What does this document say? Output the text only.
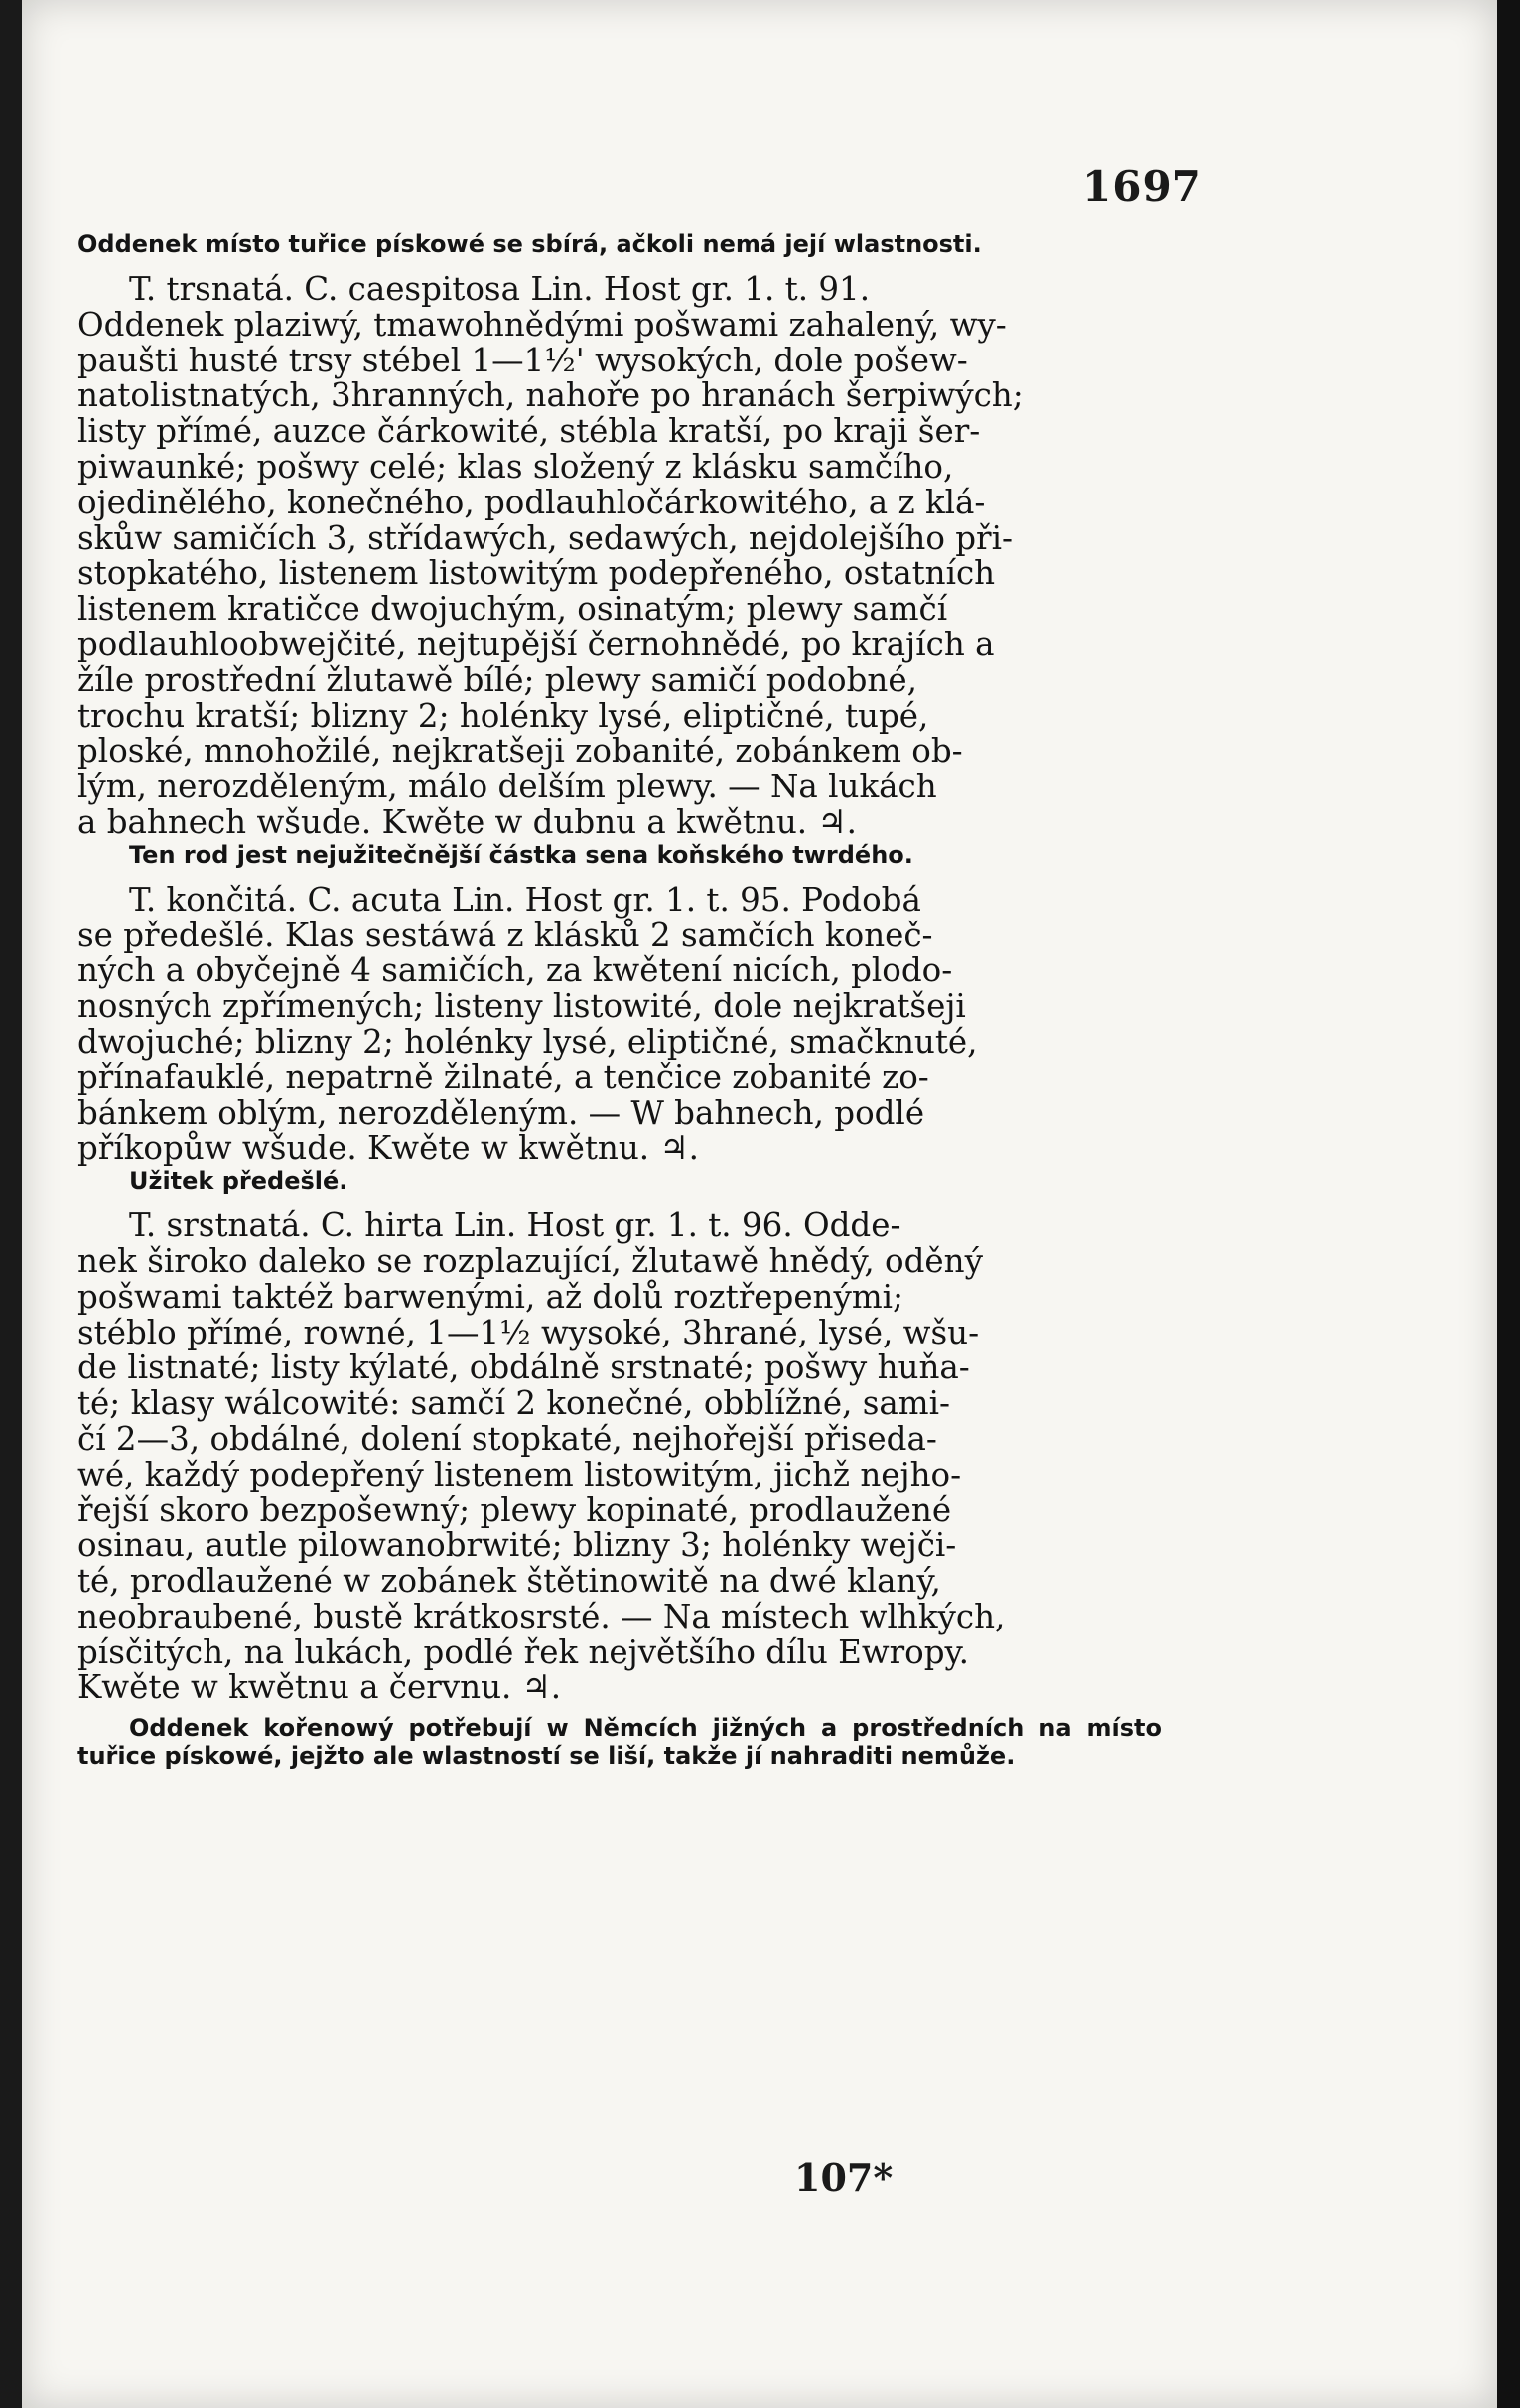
1697

Oddenek místo tuřice pískowé se sbírá, ačkoli nemá její wlastnosti.

T. trsnatá. C. caespitosa Lin. Host gr. 1. t. 91.

Oddenek plaziwý, tmawohnědými pošwami zahalený, wy-

paušti husté trsy stébel 1—1½' wysokých, dole pošew-

natolistnatých, 3hranných, nahoře po hranách šerpiwých;

listy přímé, auzce čárkowité, stébla kratší, po kraji šer-

piwaunké; pošwy celé; klas složený z klásku samčího,

ojedinělého, konečného, podlauhločárkowitého, a z klá-

skůw samičích 3, střídawých, sedawých, nejdolejšího při-

stopkatého, listenem listowitým podepřeného, ostatních

listenem kratičce dwojuchým, osinatým; plewy samčí

podlauhloobwejčité, nejtupější černohnědé, po krajích a

žíle prostřední žlutawě bílé; plewy samičí podobné,

trochu kratší; blizny 2; holénky lysé, eliptičné, tupé,

ploské, mnohožilé, nejkratšeji zobanité, zobánkem ob-

lým, nerozděleným, málo delším plewy. — Na lukách

a bahnech wšude. Kwěte w dubnu a kwětnu. ♃.

Ten rod jest nejužitečnější částka sena koňského twrdého.

T. končitá. C. acuta Lin. Host gr. 1. t. 95. Podobá

se předešlé. Klas sestáwá z klásků 2 samčích koneč-

ných a obyčejně 4 samičích, za kwětení nicích, plodo-

nosných zpřímených; listeny listowité, dole nejkratšeji

dwojuché; blizny 2; holénky lysé, eliptičné, smačknuté,

přínafauklé, nepatrně žilnaté, a tenčice zobanité zo-

bánkem oblým, nerozděleným. — W bahnech, podlé

příkopůw wšude. Kwěte w kwětnu. ♃.

Užitek předešlé.

T. srstnatá. C. hirta Lin. Host gr. 1. t. 96. Odde-

nek široko daleko se rozplazující, žlutawě hnědý, oděný

pošwami taktéž barwenými, až dolů roztřepenými;

stéblo přímé, rowné, 1—1½ wysoké, 3hrané, lysé, wšu-

de listnaté; listy kýlaté, obdálně srstnaté; pošwy huňa-

té; klasy wálcowité: samčí 2 konečné, obblížné, sami-

čí 2—3, obdálné, dolení stopkaté, nejhořejší přiseda-

wé, každý podepřený listenem listowitým, jichž nejho-

řejší skoro bezpošewný; plewy kopinaté, prodlaužené

osinau, autle pilowanobrwité; blizny 3; holénky wejči-

té, prodlaužené w zobánek štětinowitě na dwé klaný,

neobraubené, bustě krátkosrsté. — Na místech wlhkých,

písčitých, na lukách, podlé řek největšího dílu Ewropy.

Kwěte w kwětnu a červnu. ♃.

Oddenek kořenowý potřebují w Němcích jižných a prostředních na místo tuřice pískowé, jejžto ale wlastností se liší, takže jí nahraditi nemůže.

107*
